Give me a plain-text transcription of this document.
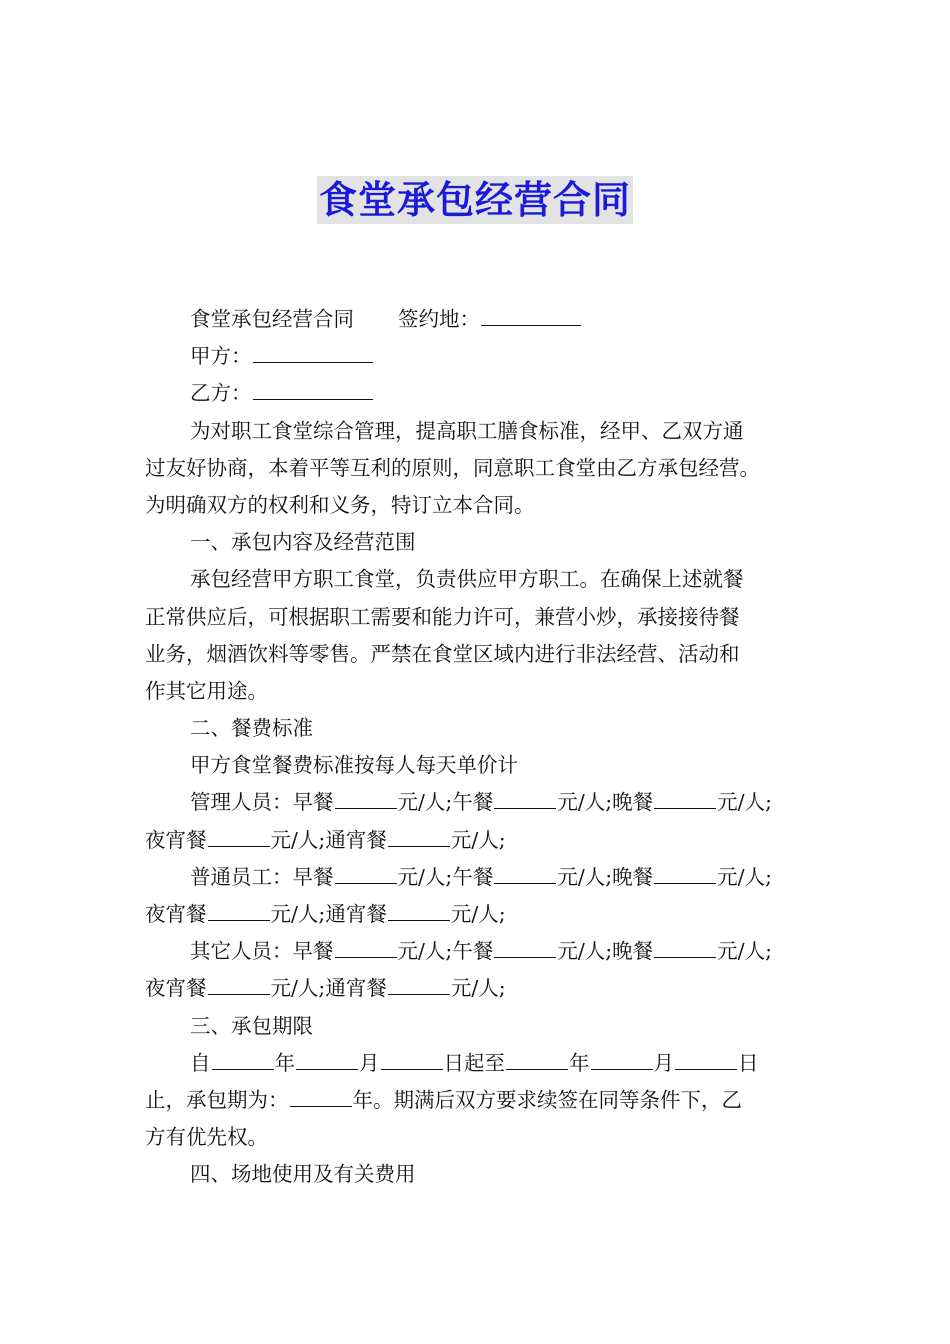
食堂承包经营合同
食堂承包经营合同 签约地：
甲方：
乙方：
为对职工食堂综合管理，提高职工膳食标准，经甲、乙双方通
过友好协商，本着平等互利的原则，同意职工食堂由乙方承包经营。
为明确双方的权利和义务，特订立本合同。
一、承包内容及经营范围
承包经营甲方职工食堂，负责供应甲方职工。在确保上述就餐
正常供应后，可根据职工需要和能力许可，兼营小炒，承接接待餐
业务，烟酒饮料等零售。严禁在食堂区域内进行非法经营、活动和
作其它用途。
二、餐费标准
甲方食堂餐费标准按每人每天单价计
管理人员：早餐	元/人;午餐	元/人;晚餐	元/人;
夜宵餐	元/人;通宵餐	元/人;
普通员工：早餐	元/人;午餐	元/人;晚餐	元/人;
夜宵餐	元/人;通宵餐	元/人;
其它人员：早餐	元/人;午餐	元/人;晚餐	元/人;
夜宵餐	元/人;通宵餐	元/人;
三、承包期限
自	年	月	日起至	年	月	日
止，承包期为：	年。期满后双方要求续签在同等条件下，乙
方有优先权。
四、场地使用及有关费用
